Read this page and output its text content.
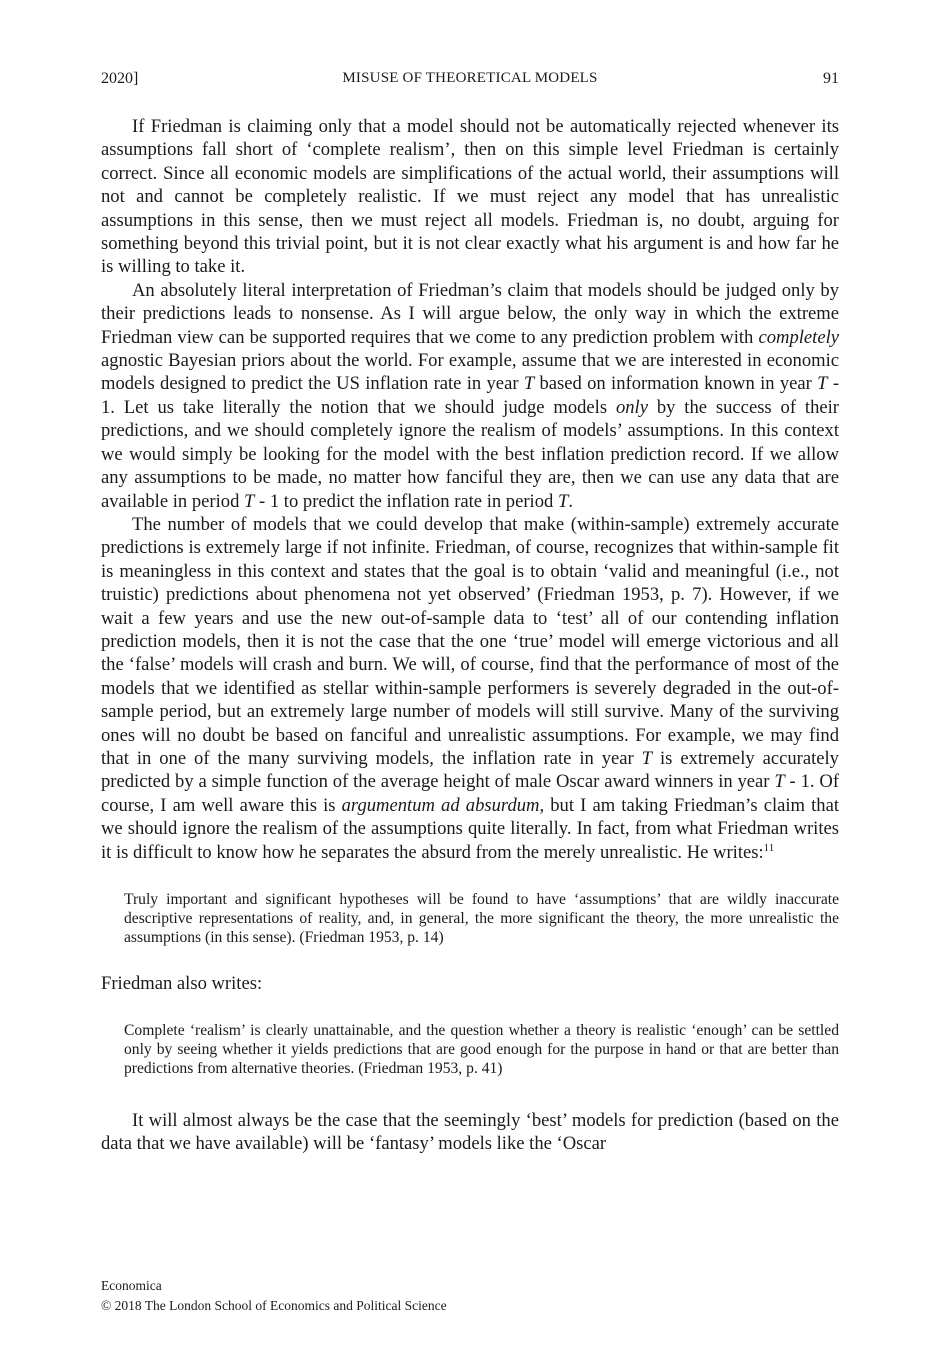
2020]	MISUSE OF THEORETICAL MODELS	91

If Friedman is claiming only that a model should not be automatically rejected whenever its assumptions fall short of ‘complete realism’, then on this simple level Friedman is certainly correct. Since all economic models are simplifications of the actual world, their assumptions will not and cannot be completely realistic. If we must reject any model that has unrealistic assumptions in this sense, then we must reject all models. Friedman is, no doubt, arguing for something beyond this trivial point, but it is not clear exactly what his argument is and how far he is willing to take it.

An absolutely literal interpretation of Friedman’s claim that models should be judged only by their predictions leads to nonsense. As I will argue below, the only way in which the extreme Friedman view can be supported requires that we come to any prediction problem with completely agnostic Bayesian priors about the world. For example, assume that we are interested in economic models designed to predict the US inflation rate in year T based on information known in year T - 1. Let us take literally the notion that we should judge models only by the success of their predictions, and we should completely ignore the realism of models’ assumptions. In this context we would simply be looking for the model with the best inflation prediction record. If we allow any assumptions to be made, no matter how fanciful they are, then we can use any data that are available in period T - 1 to predict the inflation rate in period T.

The number of models that we could develop that make (within-sample) extremely accurate predictions is extremely large if not infinite. Friedman, of course, recognizes that within-sample fit is meaningless in this context and states that the goal is to obtain ‘valid and meaningful (i.e., not truistic) predictions about phenomena not yet observed’ (Friedman 1953, p. 7). However, if we wait a few years and use the new out-of-sample data to ‘test’ all of our contending inflation prediction models, then it is not the case that the one ‘true’ model will emerge victorious and all the ‘false’ models will crash and burn. We will, of course, find that the performance of most of the models that we identified as stellar within-sample performers is severely degraded in the out-of-sample period, but an extremely large number of models will still survive. Many of the surviving ones will no doubt be based on fanciful and unrealistic assumptions. For example, we may find that in one of the many surviving models, the inflation rate in year T is extremely accurately predicted by a simple function of the average height of male Oscar award winners in year T - 1. Of course, I am well aware this is argumentum ad absurdum, but I am taking Friedman’s claim that we should ignore the realism of the assumptions quite literally. In fact, from what Friedman writes it is difficult to know how he separates the absurd from the merely unrealistic. He writes:$^{11}$

Truly important and significant hypotheses will be found to have ‘assumptions’ that are wildly inaccurate descriptive representations of reality, and, in general, the more significant the theory, the more unrealistic the assumptions (in this sense). (Friedman 1953, p. 14)

Friedman also writes:

Complete ‘realism’ is clearly unattainable, and the question whether a theory is realistic ‘enough’ can be settled only by seeing whether it yields predictions that are good enough for the purpose in hand or that are better than predictions from alternative theories. (Friedman 1953, p. 41)

It will almost always be the case that the seemingly ‘best’ models for prediction (based on the data that we have available) will be ‘fantasy’ models like the ‘Oscar

Economica
© 2018 The London School of Economics and Political Science
